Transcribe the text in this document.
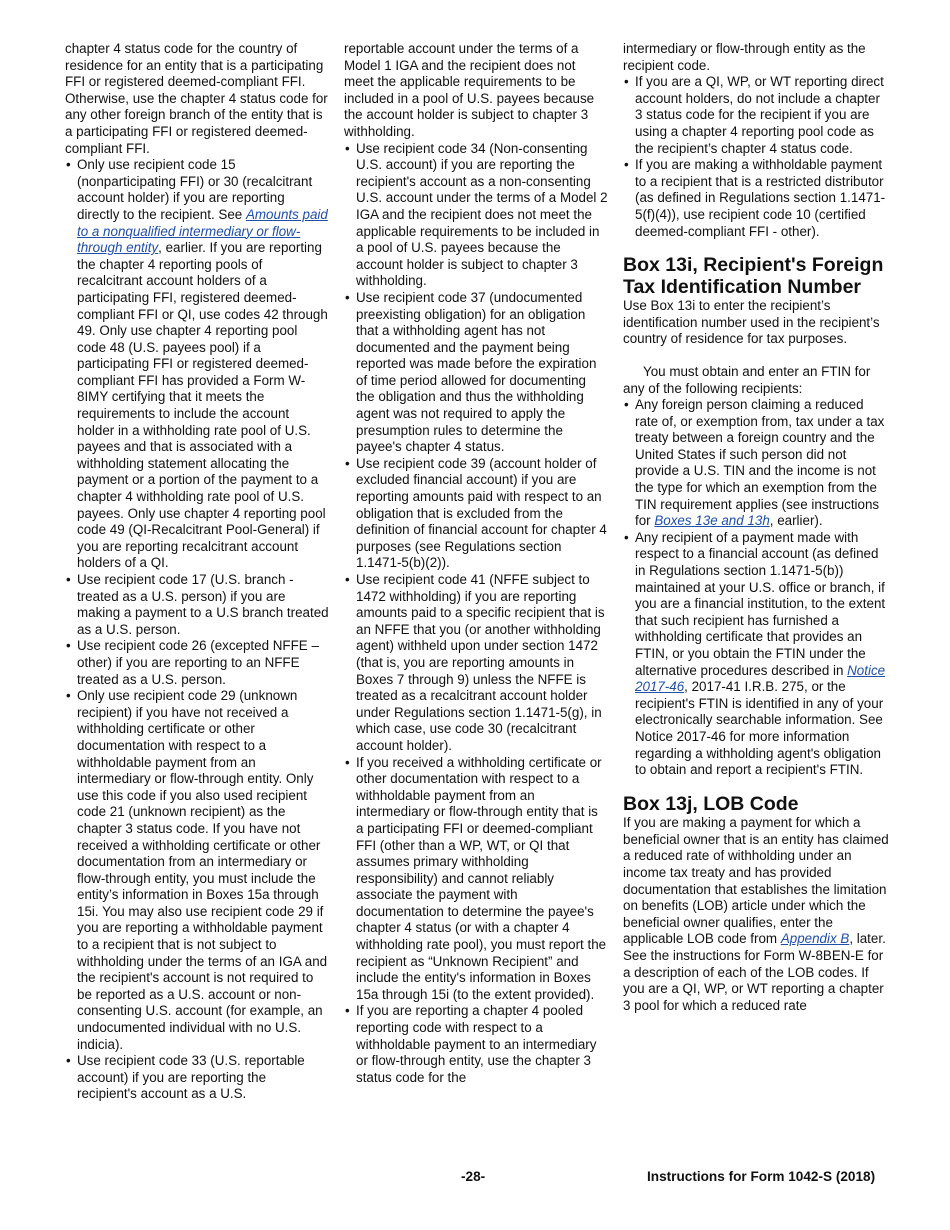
chapter 4 status code for the country of residence for an entity that is a participating FFI or registered deemed-compliant FFI. Otherwise, use the chapter 4 status code for any other foreign branch of the entity that is a participating FFI or registered deemed-compliant FFI.

• Only use recipient code 15 (nonparticipating FFI) or 30 (recalcitrant account holder) if you are reporting directly to the recipient. See Amounts paid to a nonqualified intermediary or flow-through entity, earlier. If you are reporting the chapter 4 reporting pools of recalcitrant account holders of a participating FFI, registered deemed-compliant FFI or QI, use codes 42 through 49. Only use chapter 4 reporting pool code 48 (U.S. payees pool) if a participating FFI or registered deemed-compliant FFI has provided a Form W-8IMY certifying that it meets the requirements to include the account holder in a withholding rate pool of U.S. payees and that is associated with a withholding statement allocating the payment or a portion of the payment to a chapter 4 withholding rate pool of U.S. payees. Only use chapter 4 reporting pool code 49 (QI-Recalcitrant Pool-General) if you are reporting recalcitrant account holders of a QI.
• Use recipient code 17 (U.S. branch - treated as a U.S. person) if you are making a payment to a U.S branch treated as a U.S. person.
• Use recipient code 26 (excepted NFFE – other) if you are reporting to an NFFE treated as a U.S. person.
• Only use recipient code 29 (unknown recipient) if you have not received a withholding certificate or other documentation with respect to a withholdable payment from an intermediary or flow-through entity. Only use this code if you also used recipient code 21 (unknown recipient) as the chapter 3 status code. If you have not received a withholding certificate or other documentation from an intermediary or flow-through entity, you must include the entity’s information in Boxes 15a through 15i. You may also use recipient code 29 if you are reporting a withholdable payment to a recipient that is not subject to withholding under the terms of an IGA and the recipient's account is not required to be reported as a U.S. account or non-consenting U.S. account (for example, an undocumented individual with no U.S. indicia).
• Use recipient code 33 (U.S. reportable account) if you are reporting the recipient's account as a U.S.

reportable account under the terms of a Model 1 IGA and the recipient does not meet the applicable requirements to be included in a pool of U.S. payees because the account holder is subject to chapter 3 withholding.

• Use recipient code 34 (Non-consenting U.S. account) if you are reporting the recipient's account as a non-consenting U.S. account under the terms of a Model 2 IGA and the recipient does not meet the applicable requirements to be included in a pool of U.S. payees because the account holder is subject to chapter 3 withholding.
• Use recipient code 37 (undocumented preexisting obligation) for an obligation that a withholding agent has not documented and the payment being reported was made before the expiration of time period allowed for documenting the obligation and thus the withholding agent was not required to apply the presumption rules to determine the payee's chapter 4 status.
• Use recipient code 39 (account holder of excluded financial account) if you are reporting amounts paid with respect to an obligation that is excluded from the definition of financial account for chapter 4 purposes (see Regulations section 1.1471-5(b)(2)).
• Use recipient code 41 (NFFE subject to 1472 withholding) if you are reporting amounts paid to a specific recipient that is an NFFE that you (or another withholding agent) withheld upon under section 1472 (that is, you are reporting amounts in Boxes 7 through 9) unless the NFFE is treated as a recalcitrant account holder under Regulations section 1.1471-5(g), in which case, use code 30 (recalcitrant account holder).
• If you received a withholding certificate or other documentation with respect to a withholdable payment from an intermediary or flow-through entity that is a participating FFI or deemed-compliant FFI (other than a WP, WT, or QI that assumes primary withholding responsibility) and cannot reliably associate the payment with documentation to determine the payee's chapter 4 status (or with a chapter 4 withholding rate pool), you must report the recipient as “Unknown Recipient” and include the entity's information in Boxes 15a through 15i (to the extent provided).
• If you are reporting a chapter 4 pooled reporting code with respect to a withholdable payment to an intermediary or flow-through entity, use the chapter 3 status code for the

intermediary or flow-through entity as the recipient code.

• If you are a QI, WP, or WT reporting direct account holders, do not include a chapter 3 status code for the recipient if you are using a chapter 4 reporting pool code as the recipient’s chapter 4 status code.
• If you are making a withholdable payment to a recipient that is a restricted distributor (as defined in Regulations section 1.1471-5(f)(4)), use recipient code 10 (certified deemed-compliant FFI - other).
Box 13i, Recipient's Foreign Tax Identification Number

Use Box 13i to enter the recipient’s identification number used in the recipient’s country of residence for tax purposes.

You must obtain and enter an FTIN for any of the following recipients:

• Any foreign person claiming a reduced rate of, or exemption from, tax under a tax treaty between a foreign country and the United States if such person did not provide a U.S. TIN and the income is not the type for which an exemption from the TIN requirement applies (see instructions for Boxes 13e and 13h, earlier).
• Any recipient of a payment made with respect to a financial account (as defined in Regulations section 1.1471-5(b)) maintained at your U.S. office or branch, if you are a financial institution, to the extent that such recipient has furnished a withholding certificate that provides an FTIN, or you obtain the FTIN under the alternative procedures described in Notice 2017-46, 2017-41 I.R.B. 275, or the recipient's FTIN is identified in any of your electronically searchable information. See Notice 2017-46 for more information regarding a withholding agent's obligation to obtain and report a recipient's FTIN.
Box 13j, LOB Code

If you are making a payment for which a beneficial owner that is an entity has claimed a reduced rate of withholding under an income tax treaty and has provided documentation that establishes the limitation on benefits (LOB) article under which the beneficial owner qualifies, enter the applicable LOB code from Appendix B, later. See the instructions for Form W-8BEN-E for a description of each of the LOB codes. If you are a QI, WP, or WT reporting a chapter 3 pool for which a reduced rate

-28-	Instructions for Form 1042-S (2018)
